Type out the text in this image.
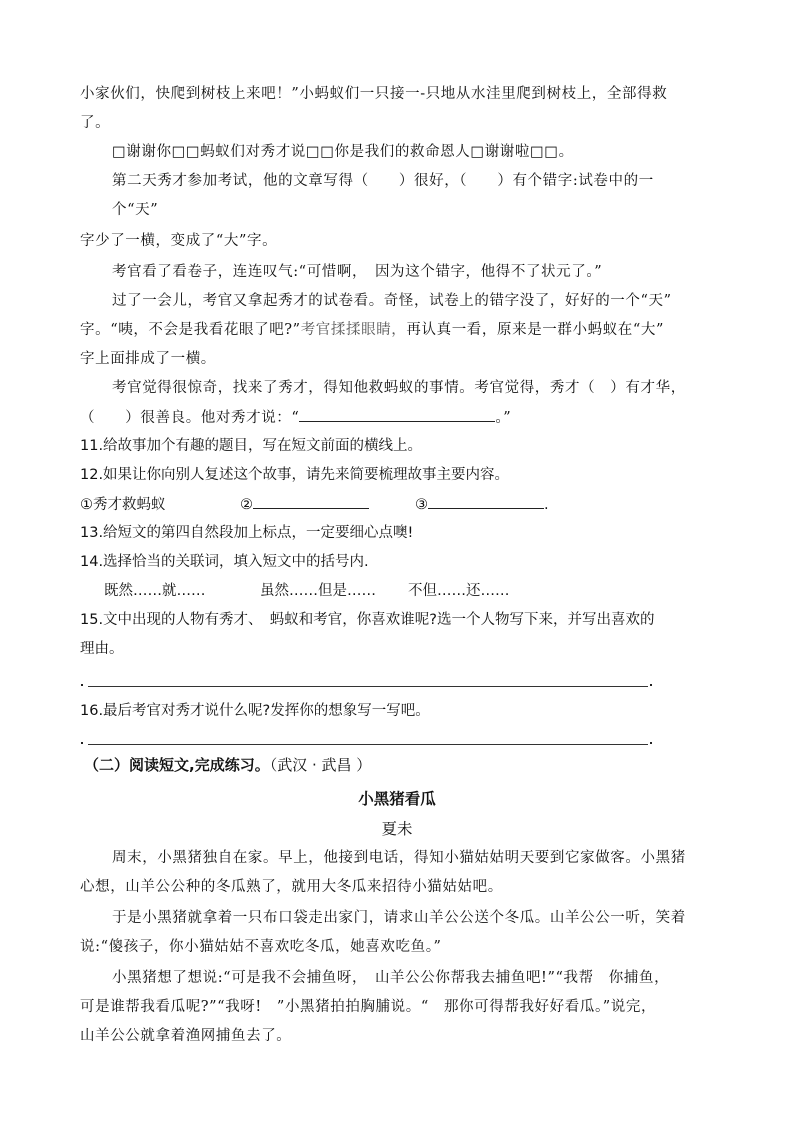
小家伙们，快爬到树枝上来吧！”小蚂蚁们一只接一-只地从水洼里爬到树枝上，全部得救
了。
□谢谢你□□蚂蚁们对秀才说□□你是我们的救命恩人□谢谢啦□□。
第二天秀才参加考试，他的文章写得（　　）很好，（　　）有个错字:试卷中的一
个“天”
字少了一横，变成了“大”字。
考官看了看卷子，连连叹气:“可惜啊，　因为这个错字，他得不了状元了。”
过了一会儿，考官又拿起秀才的试卷看。奇怪，试卷上的错字没了，好好的一个“天”
字。“咦，不会是我看花眼了吧?”考官揉揉眼睛，再认真一看，原来是一群小蚂蚁在“大”
字上面排成了一横。
考官觉得很惊奇，找来了秀才，得知他救蚂蚁的事情。考官觉得，秀才（　）有才华，
（　　）很善良。他对秀才说：“	。”
11.给故事加个有趣的题目，写在短文前面的横线上。
12.如果让你向别人复述这个故事，请先来简要梳理故事主要内容。
①秀才救蚂蚁	②	③	.
13.给短文的第四自然段加上标点，一定要细心点噢!
14.选择恰当的关联词，填入短文中的括号内.
既然……就……	虽然……但是…… 不但……还……
15.文中出现的人物有秀才、　蚂蚁和考官，你喜欢谁呢?选一个人物写下来，并写出喜欢的
理由。
16.最后考官对秀才说什么呢?发挥你的想象写一写吧。
（二）阅读短文,完成练习。（武汉 · 武昌 ）
小黑猪看瓜
夏未
周末，小黑猪独自在家。早上，他接到电话，得知小猫姑姑明天要到它家做客。小黑猪
心想，山羊公公种的冬瓜熟了，就用大冬瓜来招待小猫姑姑吧。
于是小黑猪就拿着一只布口袋走出家门，请求山羊公公送个冬瓜。山羊公公一听，笑着
说:“傻孩子，你小猫姑姑不喜欢吃冬瓜，她喜欢吃鱼。”
小黑猪想了想说:“可是我不会捕鱼呀，　山羊公公你帮我去捕鱼吧!”“我帮　你捕鱼，
可是谁帮我看瓜呢?”“我呀!　”小黑猪拍拍胸脯说。“　那你可得帮我好好看瓜。”说完，
山羊公公就拿着渔网捕鱼去了。
